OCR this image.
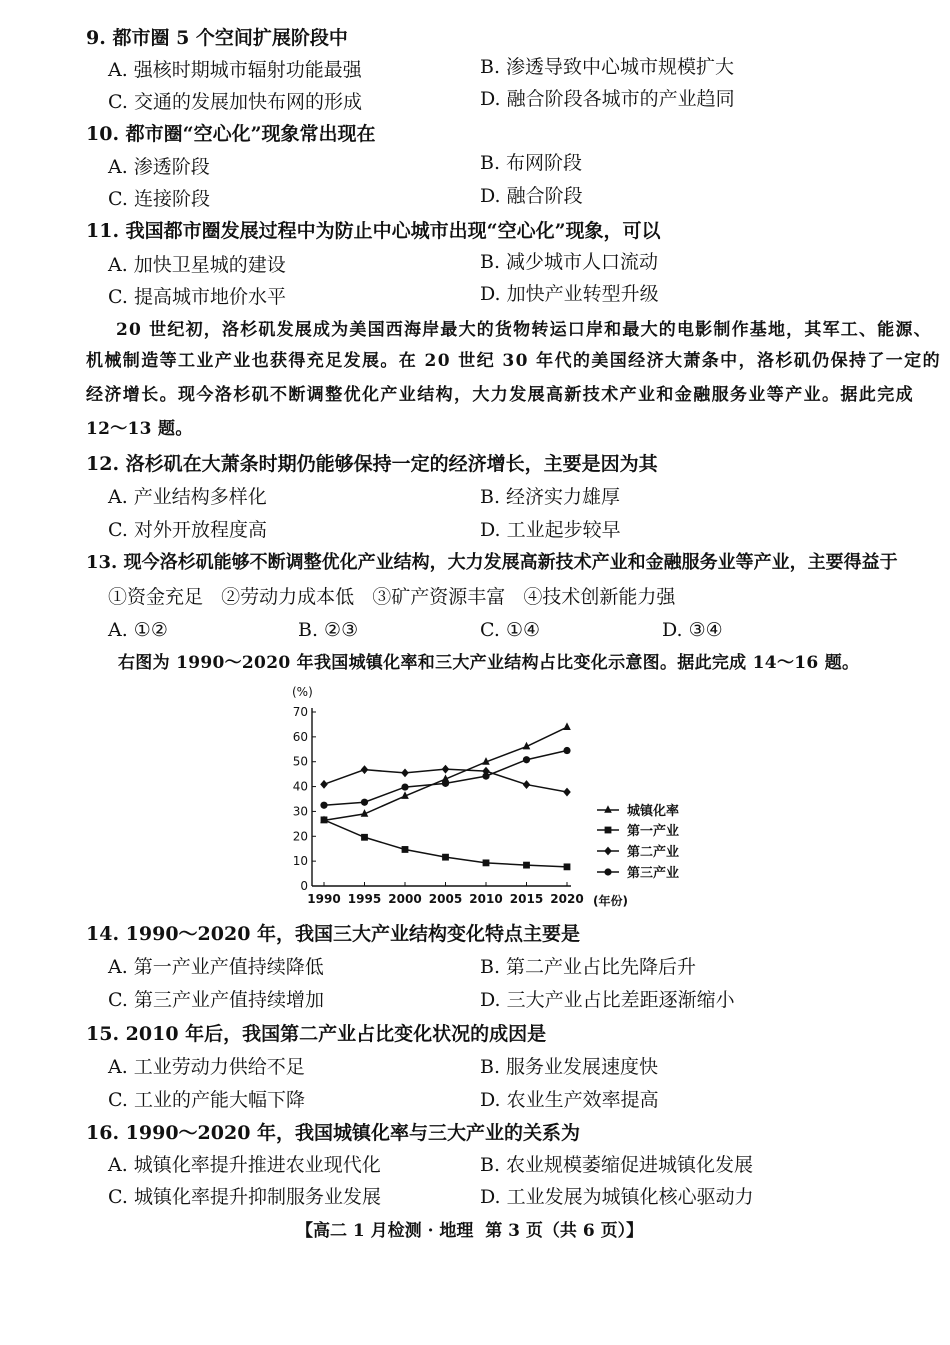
9. 都市圈 5 个空间扩展阶段中
A. 强核时期城市辐射功能最强	B. 渗透导致中心城市规模扩大
C. 交通的发展加快布网的形成	D. 融合阶段各城市的产业趋同
10. 都市圈“空心化”现象常出现在
A. 渗透阶段	B. 布网阶段
C. 连接阶段	D. 融合阶段
11. 我国都市圈发展过程中为防止中心城市出现“空心化”现象，可以
A. 加快卫星城的建设	B. 减少城市人口流动
C. 提高城市地价水平	D. 加快产业转型升级
20 世纪初，洛杉矶发展成为美国西海岸最大的货物转运口岸和最大的电影制作基地，其军工、能源、
机械制造等工业产业也获得充足发展。在 20 世纪 30 年代的美国经济大萧条中，洛杉矶仍保持了一定的
经济增长。现今洛杉矶不断调整优化产业结构，大力发展高新技术产业和金融服务业等产业。据此完成
12～13 题。
12. 洛杉矶在大萧条时期仍能够保持一定的经济增长，主要是因为其
A. 产业结构多样化	B. 经济实力雄厚
C. 对外开放程度高	D. 工业起步较早
13. 现今洛杉矶能够不断调整优化产业结构，大力发展高新技术产业和金融服务业等产业，主要得益于
①资金充足   ②劳动力成本低   ③矿产资源丰富   ④技术创新能力强
A. ①②	B. ②③	C. ①④	D. ③④
右图为 1990～2020 年我国城镇化率和三大产业结构占比变化示意图。据此完成 14～16 题。
0
10
20
30
40
50
60
70
(%)
1990 1995 2000 2005 2010 2015 2020 (年份)
城镇化率
第一产业
第二产业
第三产业
14. 1990～2020 年，我国三大产业结构变化特点主要是
A. 第一产业产值持续降低	B. 第二产业占比先降后升
C. 第三产业产值持续增加	D. 三大产业占比差距逐渐缩小
15. 2010 年后，我国第二产业占比变化状况的成因是
A. 工业劳动力供给不足	B. 服务业发展速度快
C. 工业的产能大幅下降	D. 农业生产效率提高
16. 1990～2020 年，我国城镇化率与三大产业的关系为
A. 城镇化率提升推进农业现代化	B. 农业规模萎缩促进城镇化发展
C. 城镇化率提升抑制服务业发展	D. 工业发展为城镇化核心驱动力
【高二 1 月检测 · 地理  第 3 页（共 6 页）】
